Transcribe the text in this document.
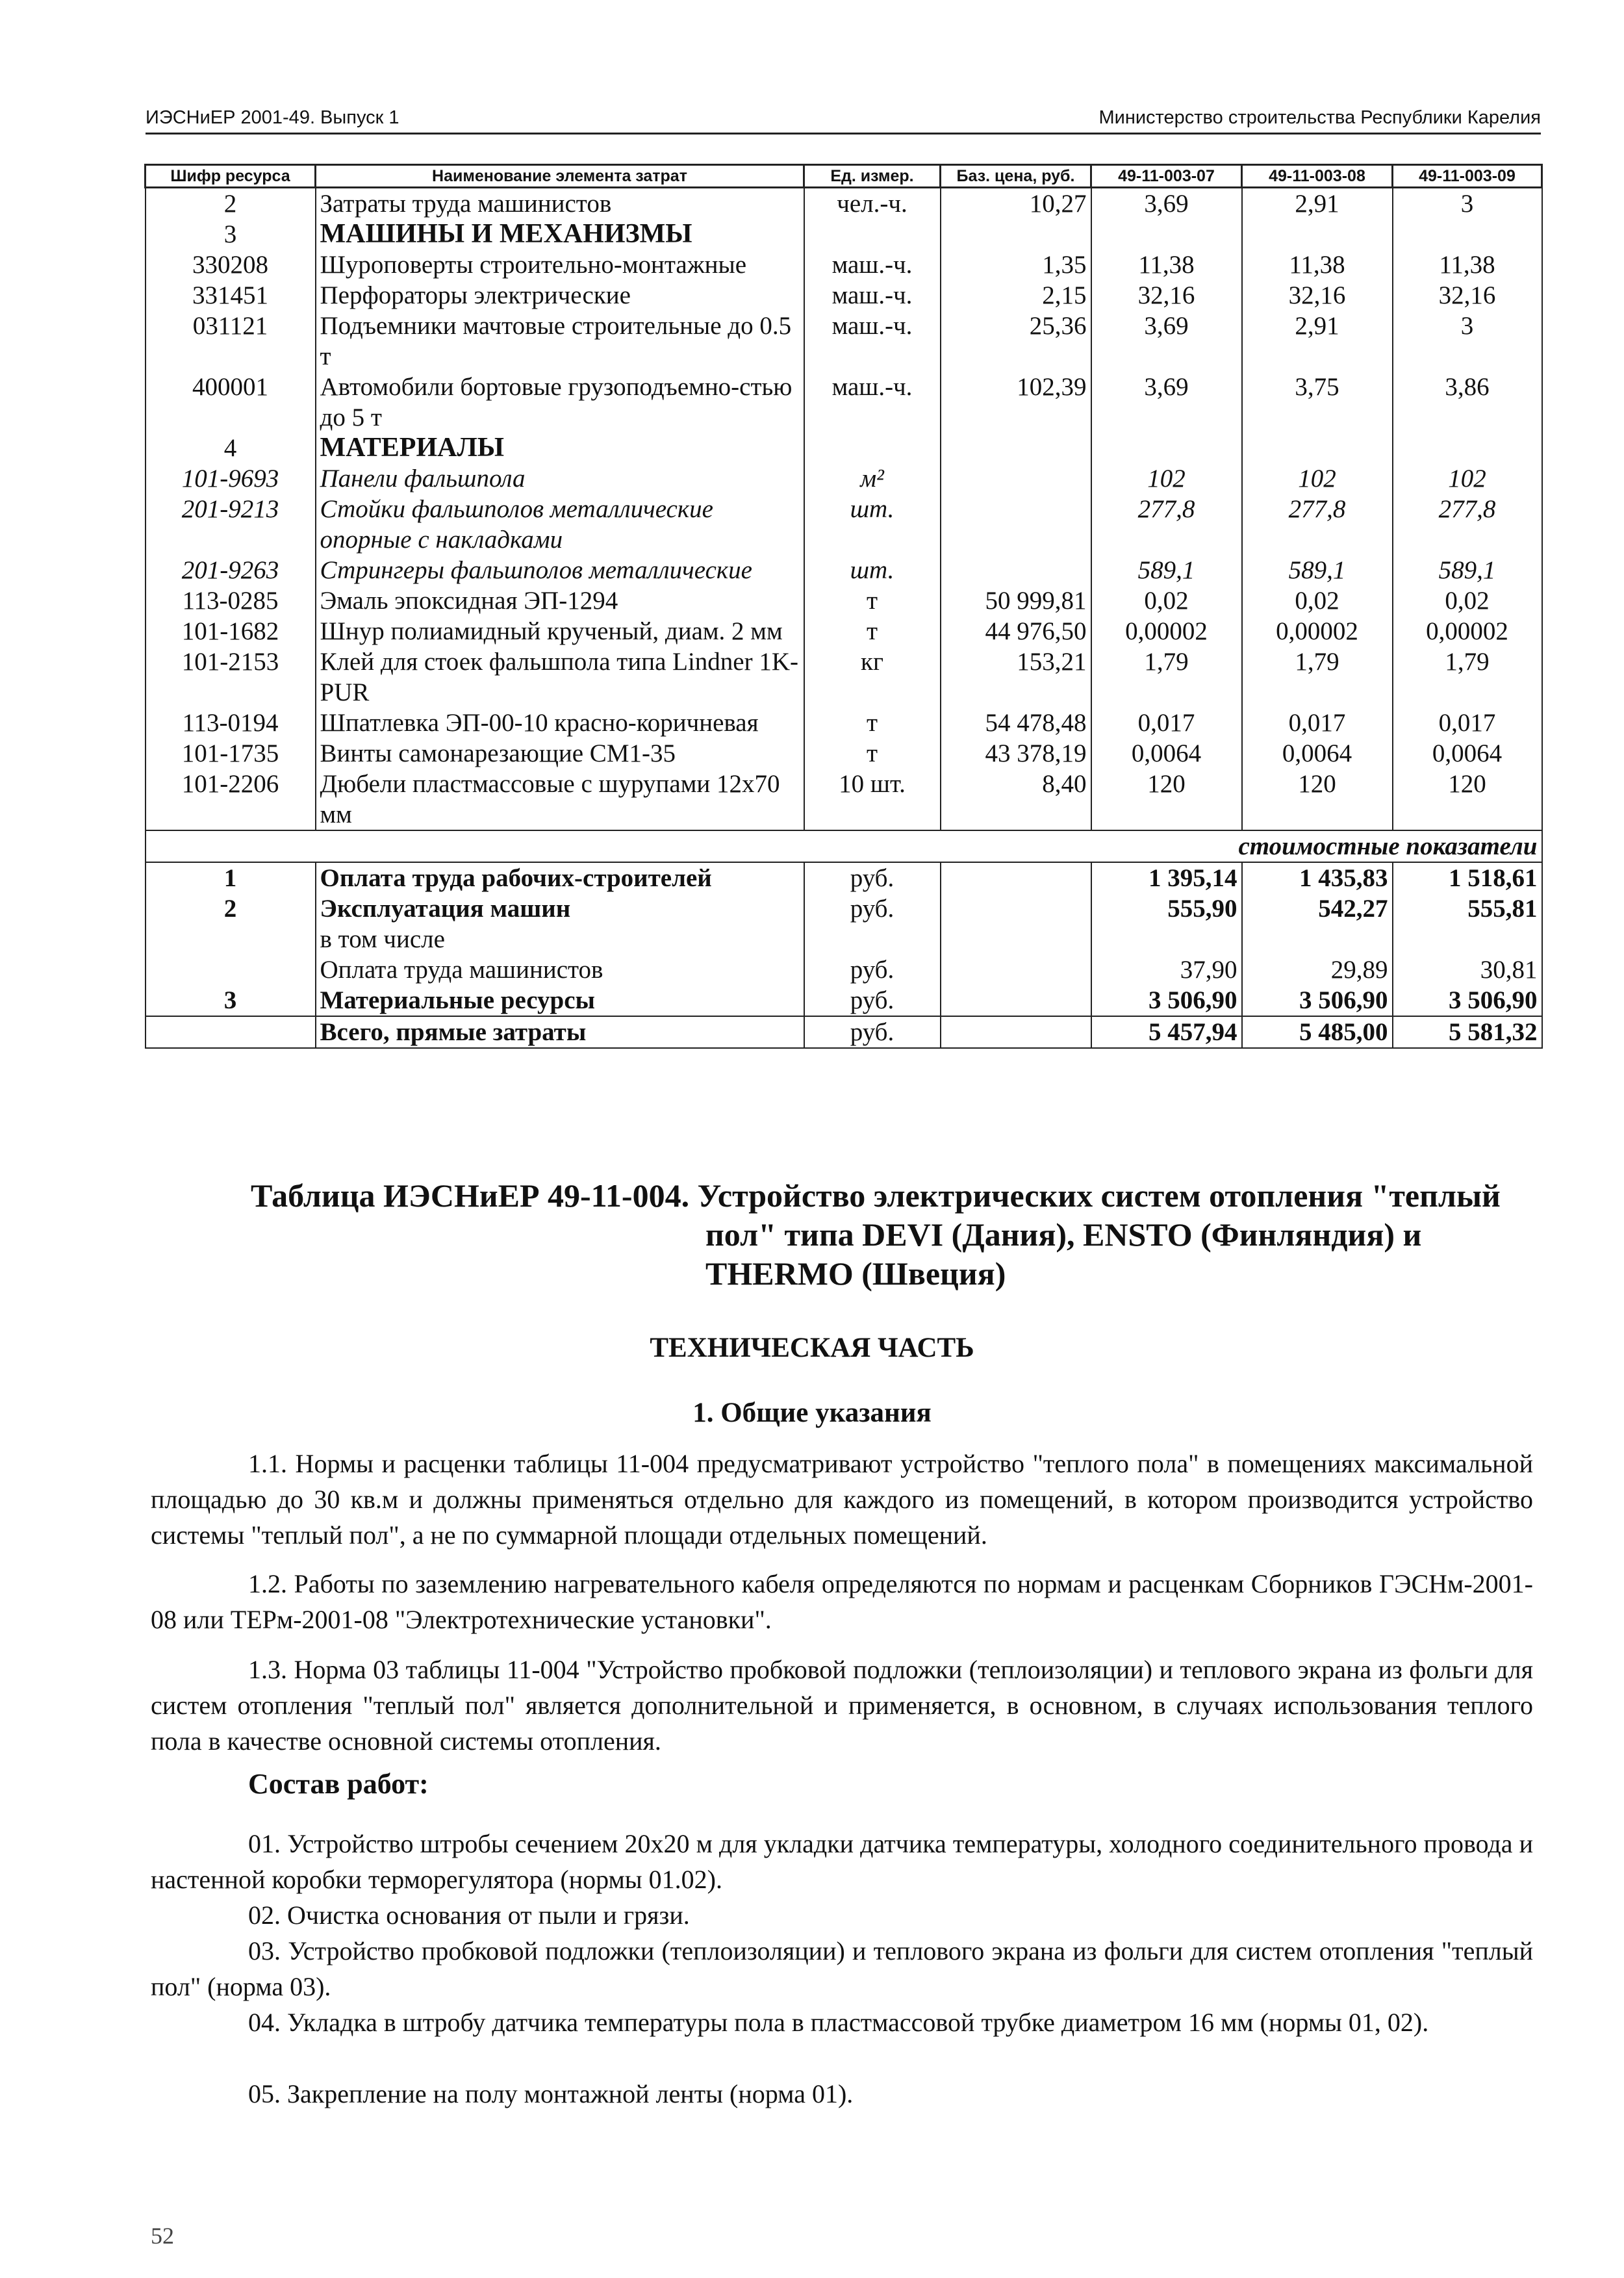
ИЭСНиЕР 2001-49. Выпуск 1	Министерство строительства Республики Карелия
Шифр ресурса	Наименование элемента затрат	Ед. измер.	Баз. цена, руб.	49-11-003-07	49-11-003-08	49-11-003-09
2	Затраты труда машинистов	чел.-ч.	10,27	3,69	2,91	3
3	МАШИНЫ И МЕХАНИЗМЫ					
330208	Шуроповерты строительно-монтажные	маш.-ч.	1,35	11,38	11,38	11,38
331451	Перфораторы электрические	маш.-ч.	2,15	32,16	32,16	32,16
031121	Подъемники мачтовые строительные до 0.5 т	маш.-ч.	25,36	3,69	2,91	3
400001	Автомобили бортовые грузоподъемно-стью до 5 т	маш.-ч.	102,39	3,69	3,75	3,86
4	МАТЕРИАЛЫ					
101-9693	Панели фальшпола	м²		102	102	102
201-9213	Стойки фальшполов металлические опорные с накладками	шт.		277,8	277,8	277,8
201-9263	Стрингеры фальшполов металлические	шт.		589,1	589,1	589,1
113-0285	Эмаль эпоксидная ЭП-1294	т	50 999,81	0,02	0,02	0,02
101-1682	Шнур полиамидный крученый, диам. 2 мм	т	44 976,50	0,00002	0,00002	0,00002
101-2153	Клей для стоек фальшпола типа Lindner 1K-PUR	кг	153,21	1,79	1,79	1,79
113-0194	Шпатлевка ЭП-00-10 красно-коричневая	т	54 478,48	0,017	0,017	0,017
101-1735	Винты самонарезающие СМ1-35	т	43 378,19	0,0064	0,0064	0,0064
101-2206	Дюбели пластмассовые с шурупами 12х70 мм	10 шт.	8,40	120	120	120
стоимостные показатели						
1	Оплата труда рабочих-строителей	руб.		1 395,14	1 435,83	1 518,61
2	Эксплуатация машин	руб.		555,90	542,27	555,81
	в том числе					
	Оплата труда машинистов	руб.		37,90	29,89	30,81
3	Материальные ресурсы	руб.		3 506,90	3 506,90	3 506,90
	Всего, прямые затраты	руб.		5 457,94	5 485,00	5 581,32
Таблица ИЭСНиЕР 49-11-004. Устройство электрических систем отопления "теплый
пол" типа DEVI (Дания), ENSTO (Финляндия) и
THERMO (Швеция)
ТЕХНИЧЕСКАЯ ЧАСТЬ
1. Общие указания
1.1. Нормы и расценки таблицы 11-004 предусматривают устройство "теплого пола" в помещениях максимальной площадью до 30 кв.м и должны применяться отдельно для каждого из помещений, в котором производится устройство системы "теплый пол", а не по суммарной площади отдельных помещений.
1.2. Работы по заземлению нагревательного кабеля определяются по нормам и расценкам Сборников ГЭСНм-2001-08 или ТЕРм-2001-08 "Электротехнические установки".
1.3. Норма 03 таблицы 11-004 "Устройство пробковой подложки (теплоизоляции) и теплового экрана из фольги для систем отопления "теплый пол" является дополнительной и применяется, в основном, в случаях использования теплого пола в качестве основной системы отопления.
Состав работ:
01. Устройство штробы сечением 20х20 м для укладки датчика температуры, холодного соединительного провода и настенной коробки терморегулятора (нормы 01.02).
02. Очистка основания от пыли и грязи.
03. Устройство пробковой подложки (теплоизоляции) и теплового экрана из фольги для систем отопления "теплый пол" (норма 03).
04. Укладка в штробу датчика температуры пола в пластмассовой трубке диаметром 16 мм (нормы 01, 02).
05. Закрепление на полу монтажной ленты (норма 01).
52
